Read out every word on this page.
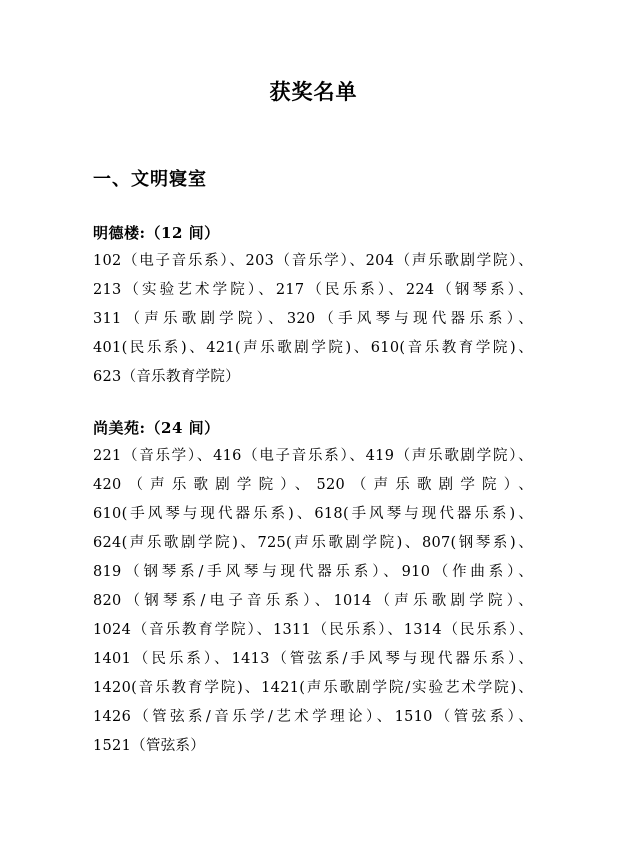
获奖名单
一、文明寝室
明德楼:（12 间）
102（电子音乐系）、203（音乐学）、204（声乐歌剧学院）、
213（实验艺术学院）、217（民乐系）、224（钢琴系）、
311（声乐歌剧学院）、320（手风琴与现代器乐系）、
401(民乐系)、421(声乐歌剧学院)、610(音乐教育学院)、
623（音乐教育学院）
尚美苑:（24 间）
221（音乐学）、416（电子音乐系）、419（声乐歌剧学院）、
420（声乐歌剧学院）、520（声乐歌剧学院）、
610(手风琴与现代器乐系)、618(手风琴与现代器乐系)、
624(声乐歌剧学院)、725(声乐歌剧学院)、807(钢琴系)、
819（钢琴系/手风琴与现代器乐系）、910（作曲系）、
820（钢琴系/电子音乐系）、1014（声乐歌剧学院）、
1024（音乐教育学院）、1311（民乐系）、1314（民乐系）、
1401（民乐系）、1413（管弦系/手风琴与现代器乐系）、
1420(音乐教育学院)、1421(声乐歌剧学院/实验艺术学院)、
1426（管弦系/音乐学/艺术学理论）、1510（管弦系）、
1521（管弦系）
